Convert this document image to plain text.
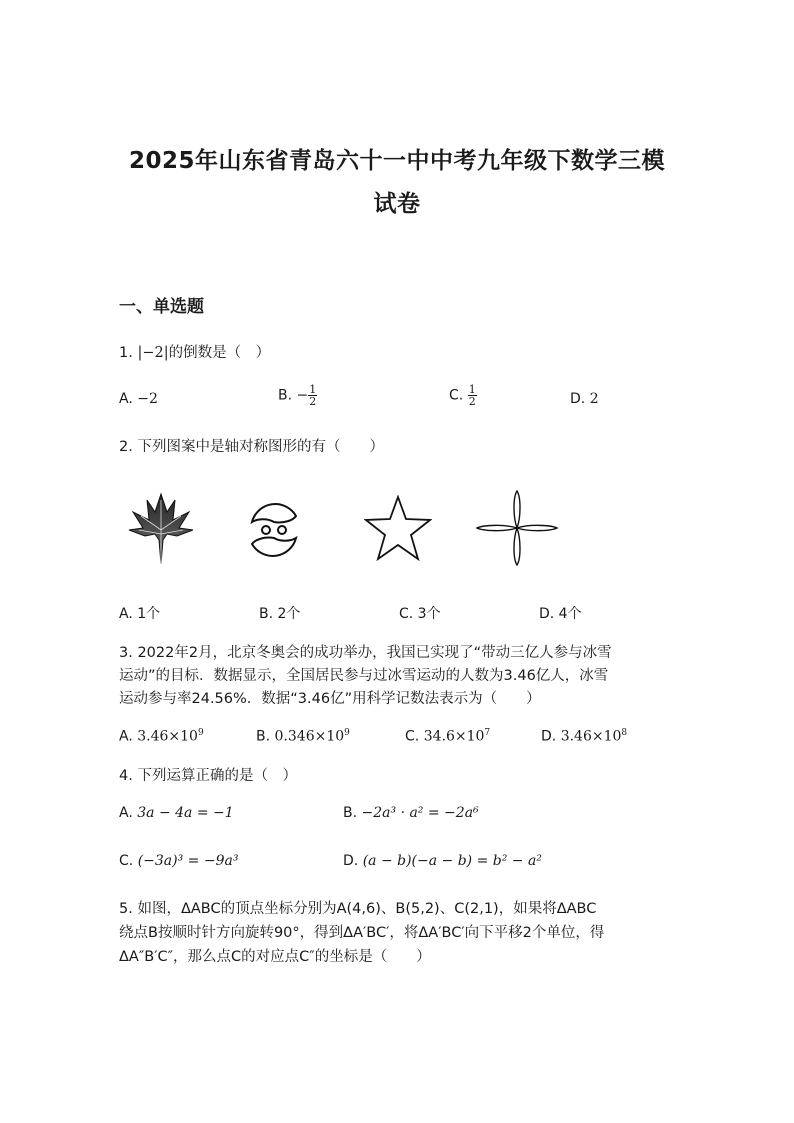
2025年山东省青岛六十一中中考九年级下数学三模
试卷
一、单选题
1. |−2|的倒数是（　）
A. −2	B. − $\frac{1}{2}$	C. $\frac{1}{2}$	D. 2
2. 下列图案中是轴对称图形的有（　　）
A. 1个	B. 2个	C. 3个	D. 4个
3. 2022年2月，北京冬奥会的成功举办，我国已实现了“带动三亿人参与冰雪
运动”的目标．数据显示，全国居民参与过冰雪运动的人数为3.46亿人，冰雪
运动参与率24.56%．数据“3.46亿”用科学记数法表示为（　　）
A. $3.46\times 10^9$	B. $0.346\times 10^9$	C. $34.6\times 10^7$	D. $3.46\times 10^8$
4. 下列运算正确的是（　）
A. 3a − 4a = −1	B. −2a³ · a² = −2a⁶
C. (−3a)³ = −9a³	D. (a − b)(−a − b) = b² − a²
5. 如图，ΔABC的顶点坐标分别为A(4,6)、B(5,2)、C(2,1)，如果将ΔABC
绕点B按顺时针方向旋转90°，得到ΔA′BC′，将ΔA′BC′向下平移2个单位，得
ΔA″B′C″，那么点C的对应点C″的坐标是（　　）
